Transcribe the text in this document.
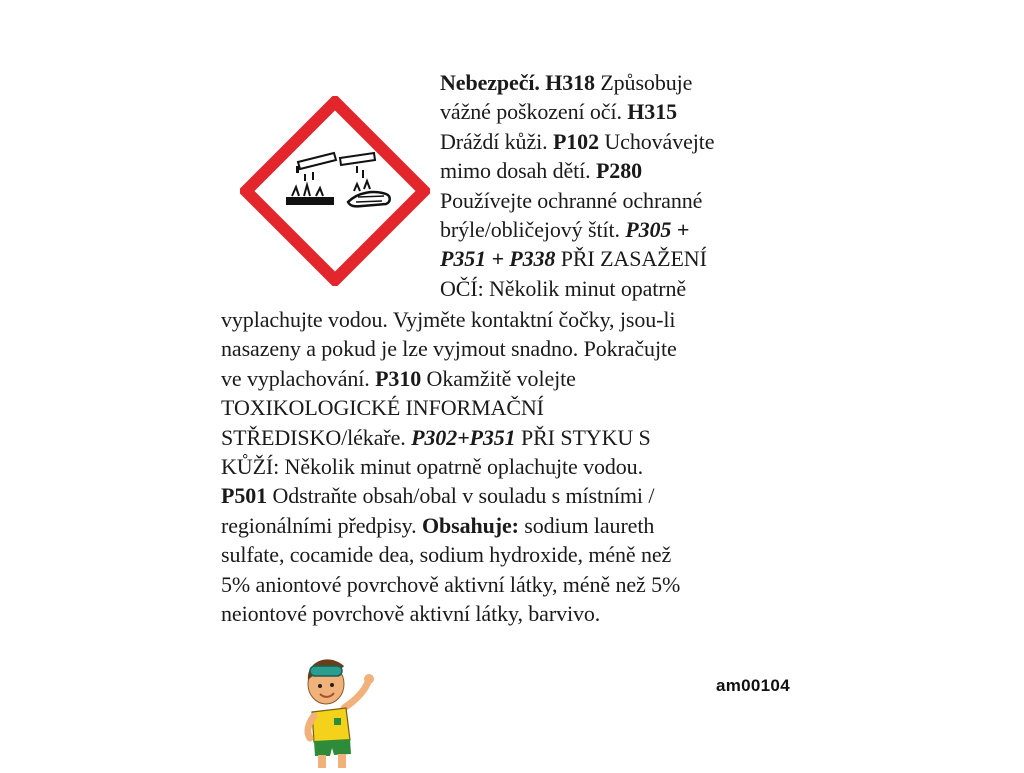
Nebezpečí. H318 Způsobuje
vážné poškození očí. H315
Dráždí kůži. P102 Uchovávejte
mimo dosah dětí. P280
Používejte ochranné ochranné
brýle/obličejový štít. P305 +
P351 + P338 PŘI ZASAŽENÍ
OČÍ: Několik minut opatrně
vyplachujte vodou. Vyjměte kontaktní čočky, jsou-li
nasazeny a pokud je lze vyjmout snadno. Pokračujte
ve vyplachování. P310 Okamžitě volejte
TOXIKOLOGICKÉ INFORMAČNÍ
STŘEDISKO/lékaře. P302+P351 PŘI STYKU S
KŮŽÍ: Několik minut opatrně oplachujte vodou.
P501 Odstraňte obsah/obal v souladu s místními /
regionálními předpisy. Obsahuje: sodium laureth
sulfate, cocamide dea, sodium hydroxide, méně než
5% aniontové povrchově aktivní látky, méně než 5%
neiontové povrchově aktivní látky, barvivo.
am00104
